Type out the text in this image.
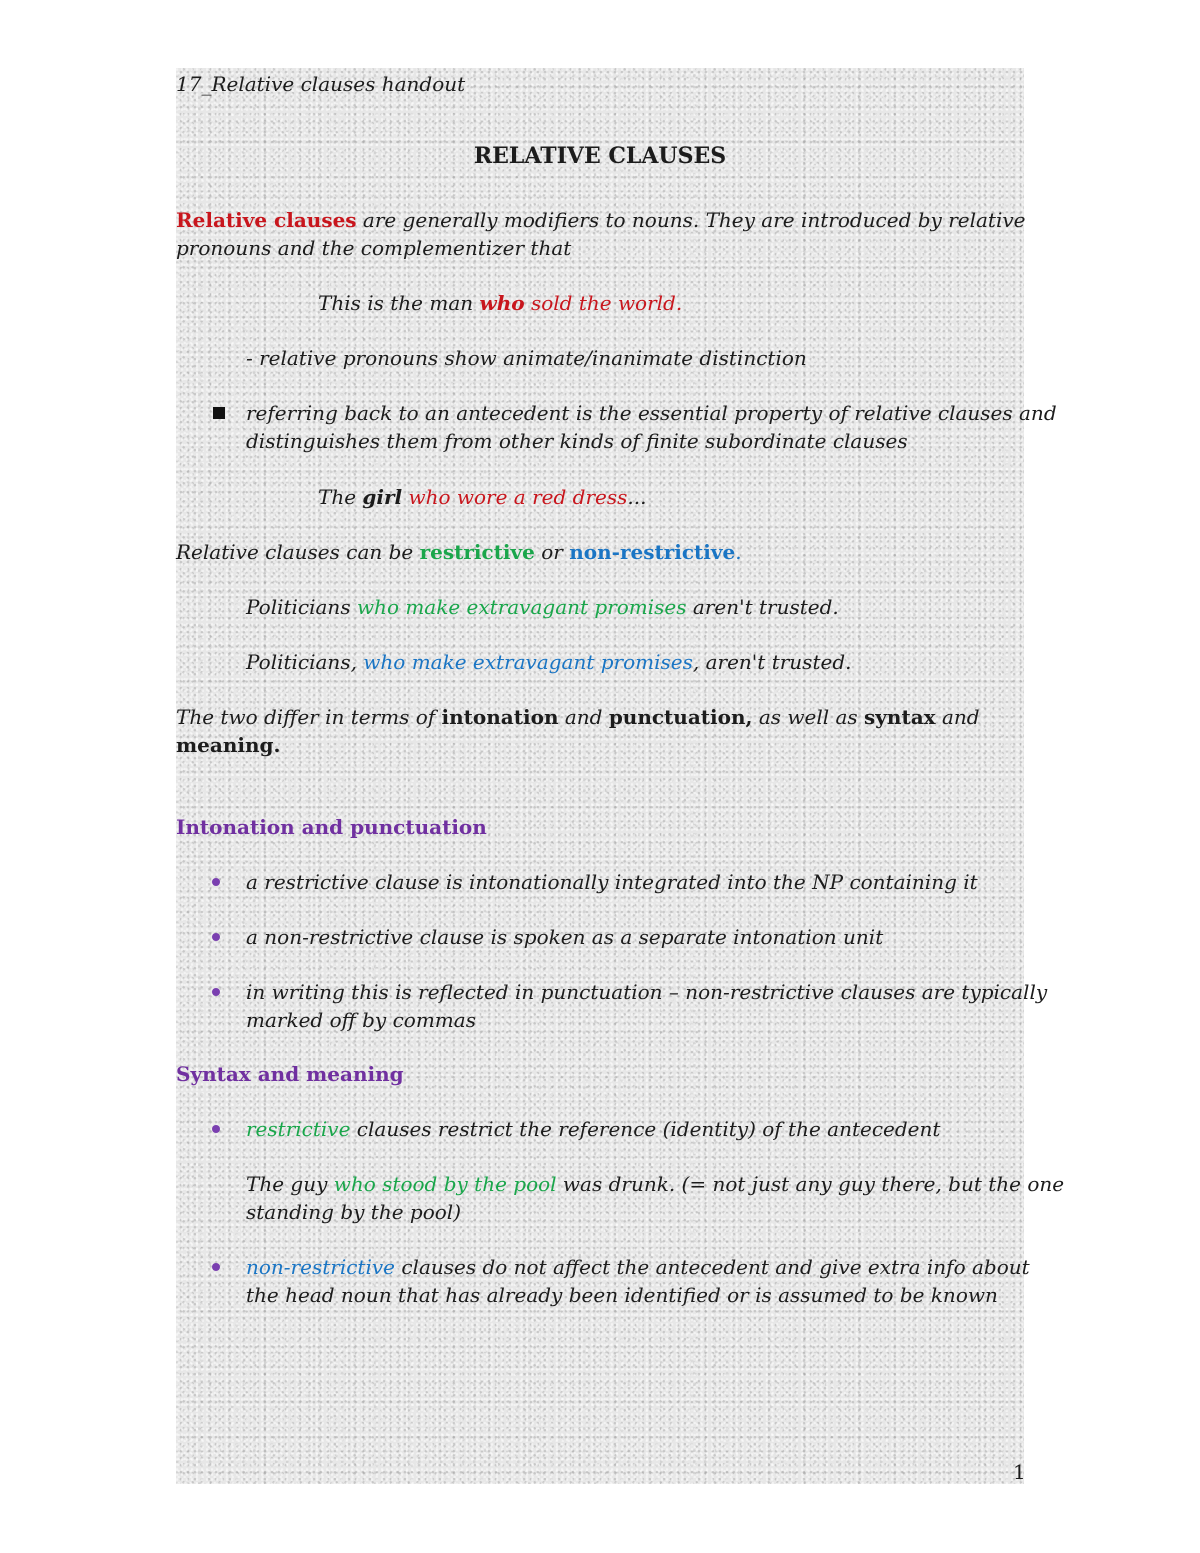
17_Relative clauses handout
RELATIVE CLAUSES
Relative clauses are generally modifiers to nouns. They are introduced by relative
pronouns and the complementizer that
This is the man who sold the world.
- relative pronouns show animate/inanimate distinction
referring back to an antecedent is the essential property of relative clauses and
distinguishes them from other kinds of finite subordinate clauses
The girl who wore a red dress...
Relative clauses can be restrictive or non-restrictive.
Politicians who make extravagant promises aren't trusted.
Politicians, who make extravagant promises, aren't trusted.
The two differ in terms of intonation and punctuation, as well as syntax and
meaning.
Intonation and punctuation
a restrictive clause is intonationally integrated into the NP containing it
a non-restrictive clause is spoken as a separate intonation unit
in writing this is reflected in punctuation – non-restrictive clauses are typically
marked off by commas
Syntax and meaning
restrictive clauses restrict the reference (identity) of the antecedent
The guy who stood by the pool was drunk. (= not just any guy there, but the one
standing by the pool)
non-restrictive clauses do not affect the antecedent and give extra info about
the head noun that has already been identified or is assumed to be known
1
